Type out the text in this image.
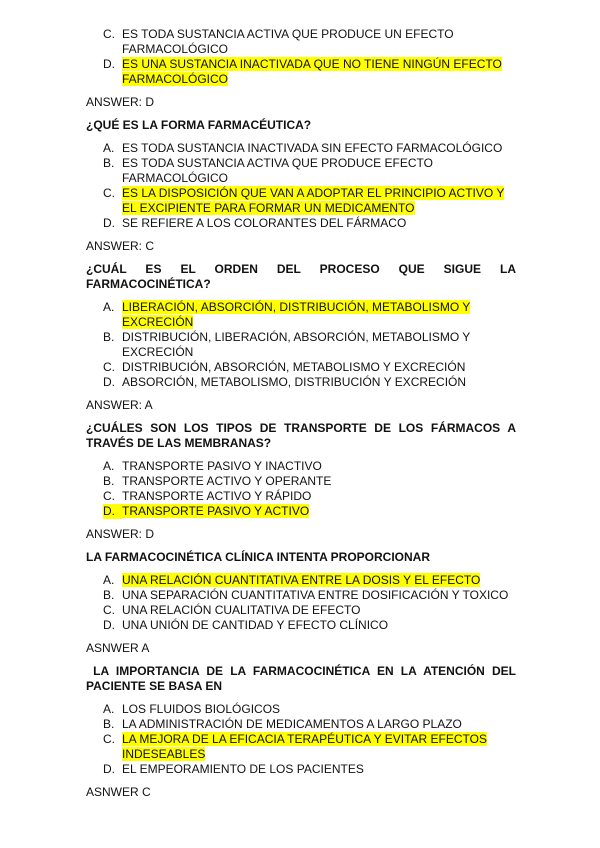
C. ES TODA SUSTANCIA ACTIVA QUE PRODUCE UN EFECTO FARMACOLÓGICO
D. ES UNA SUSTANCIA INACTIVADA QUE NO TIENE NINGÚN EFECTO FARMACOLÓGICO
ANSWER: D
¿QUÉ ES LA FORMA FARMACÉUTICA?
A. ES TODA SUSTANCIA INACTIVADA SIN EFECTO FARMACOLÓGICO
B. ES TODA SUSTANCIA ACTIVA QUE PRODUCE EFECTO FARMACOLÓGICO
C. ES LA DISPOSICIÓN QUE VAN A ADOPTAR EL PRINCIPIO ACTIVO Y EL EXCIPIENTE PARA FORMAR UN MEDICAMENTO
D. SE REFIERE A LOS COLORANTES DEL FÁRMACO
ANSWER: C
¿CUÁL ES EL ORDEN DEL PROCESO QUE SIGUE LA FARMACOCINÉTICA?
A. LIBERACIÓN, ABSORCIÓN, DISTRIBUCIÓN, METABOLISMO Y EXCRECIÓN
B. DISTRIBUCIÓN, LIBERACIÓN, ABSORCIÓN, METABOLISMO Y EXCRECIÓN
C. DISTRIBUCIÓN, ABSORCIÓN, METABOLISMO Y EXCRECIÓN
D. ABSORCIÓN, METABOLISMO, DISTRIBUCIÓN Y EXCRECIÓN
ANSWER: A
¿CUÁLES SON LOS TIPOS DE TRANSPORTE DE LOS FÁRMACOS A TRAVÉS DE LAS MEMBRANAS?
A. TRANSPORTE PASIVO Y INACTIVO
B. TRANSPORTE ACTIVO Y OPERANTE
C. TRANSPORTE ACTIVO Y RÁPIDO
D. TRANSPORTE PASIVO Y ACTIVO
ANSWER: D
LA FARMACOCINÉTICA CLÍNICA INTENTA PROPORCIONAR
A. UNA RELACIÓN CUANTITATIVA ENTRE LA DOSIS Y EL EFECTO
B. UNA SEPARACIÓN CUANTITATIVA ENTRE DOSIFICACIÓN Y TOXICO
C. UNA RELACIÓN CUALITATIVA DE EFECTO
D. UNA UNIÓN DE CANTIDAD Y EFECTO CLÍNICO
ASNWER A
LA IMPORTANCIA DE LA FARMACOCINÉTICA EN LA ATENCIÓN DEL PACIENTE SE BASA EN
A. LOS FLUIDOS BIOLÓGICOS
B. LA ADMINISTRACIÓN DE MEDICAMENTOS A LARGO PLAZO
C. LA MEJORA DE LA EFICACIA TERAPÉUTICA Y EVITAR EFECTOS INDESEABLES
D. EL EMPEORAMIENTO DE LOS PACIENTES
ASNWER C
